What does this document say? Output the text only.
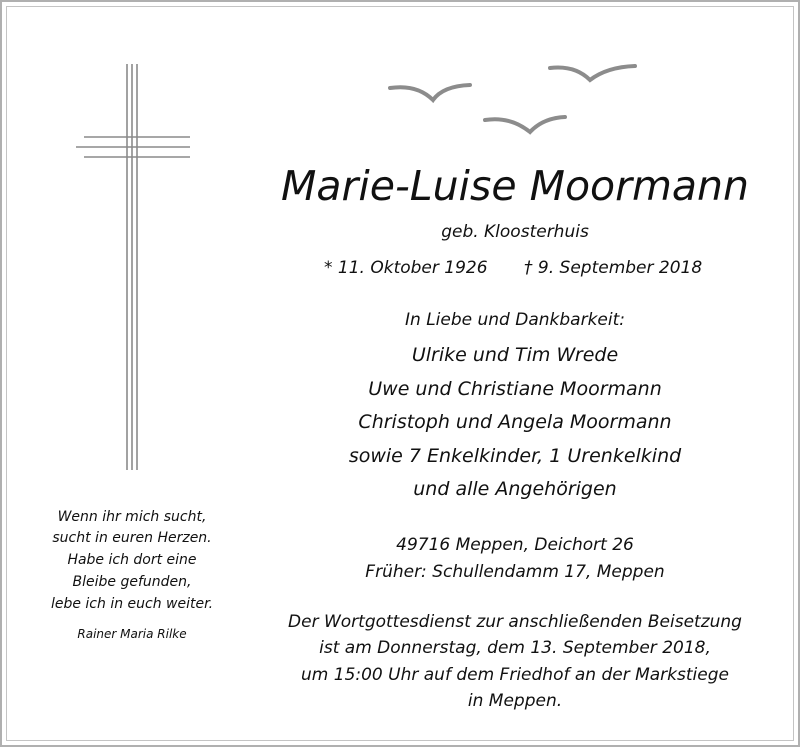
Marie-Luise Moormann
geb. Kloosterhuis
* 11. Oktober 1926 † 9. September 2018
In Liebe und Dankbarkeit:
Ulrike und Tim Wrede
Uwe und Christiane Moormann
Christoph und Angela Moormann
sowie 7 Enkelkinder, 1 Urenkelkind
und alle Angehörigen
49716 Meppen, Deichort 26
Früher: Schullendamm 17, Meppen
Der Wortgottesdienst zur anschließenden Beisetzung
ist am Donnerstag, dem 13. September 2018,
um 15:00 Uhr auf dem Friedhof an der Markstiege
in Meppen.
Wenn ihr mich sucht,
sucht in euren Herzen.
Habe ich dort eine
Bleibe gefunden,
lebe ich in euch weiter.
Rainer Maria Rilke
